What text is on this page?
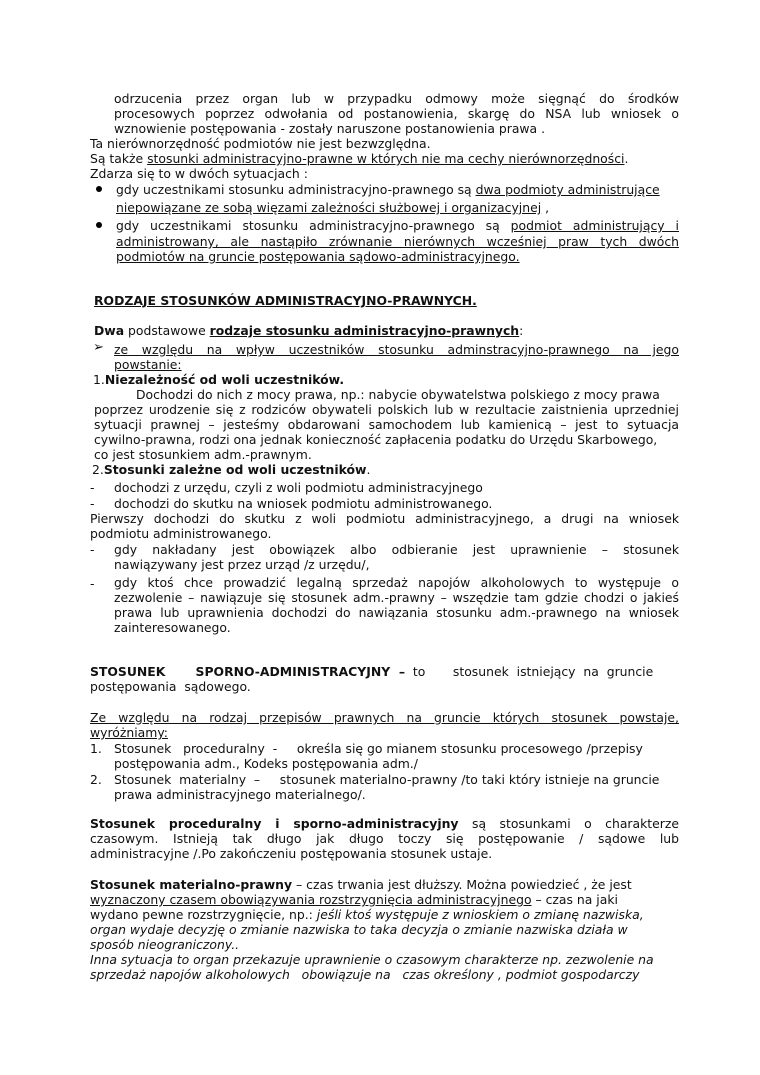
odrzucenia przez organ lub w przypadku odmowy może sięgnąć do środków
procesowych poprzez odwołania od postanowienia, skargę do NSA lub wniosek o
wznowienie postępowania - zostały naruszone postanowienia prawa .
Ta nierównorzędność podmiotów nie jest bezwzględna.
Są także stosunki administracyjno-prawne w których nie ma cechy nierównorzędności.
Zdarza się to w dwóch sytuacjach :
gdy uczestnikami stosunku administracyjno-prawnego są dwa podmioty administrujące
niepowiązane ze sobą więzami zależności służbowej i organizacyjnej ,
gdy uczestnikami stosunku administracyjno-prawnego są podmiot administrujący i
administrowany, ale nastąpiło zrównanie nierównych wcześniej praw tych dwóch
podmiotów na gruncie postępowania sądowo-administracyjnego.
RODZAJE STOSUNKÓW ADMINISTRACYJNO-PRAWNYCH.
Dwa podstawowe rodzaje stosunku administracyjno-prawnych:
➢ ze względu na wpływ uczestników stosunku adminstracyjno-prawnego na jego
powstanie:
1.Niezależność od woli uczestników.
Dochodzi do nich z mocy prawa, np.: nabycie obywatelstwa polskiego z mocy prawa
poprzez urodzenie się z rodziców obywateli polskich lub w rezultacie zaistnienia uprzedniej
sytuacji prawnej – jesteśmy obdarowani samochodem lub kamienicą – jest to sytuacja
cywilno-prawna, rodzi ona jednak konieczność zapłacenia podatku do Urzędu Skarbowego,
co jest stosunkiem adm.-prawnym.
2.Stosunki zależne od woli uczestników.
- dochodzi z urzędu, czyli z woli podmiotu administracyjnego
- dochodzi do skutku na wniosek podmiotu administrowanego.
Pierwszy dochodzi do skutku z woli podmiotu administracyjnego, a drugi na wniosek
podmiotu administrowanego.
- gdy nakładany jest obowiązek albo odbieranie jest uprawnienie – stosunek
nawiązywany jest przez urząd /z urzędu/,
- gdy ktoś chce prowadzić legalną sprzedaż napojów alkoholowych to występuje o
zezwolenie – nawiązuje się stosunek adm.-prawny – wszędzie tam gdzie chodzi o jakieś
prawa lub uprawnienia dochodzi do nawiązania stosunku adm.-prawnego na wniosek
zainteresowanego.
STOSUNEK       SPORNO-ADMINISTRACYJNY  –  to       stosunek  istniejący  na  gruncie
postępowania  sądowego.
Ze względu na rodzaj przepisów prawnych na gruncie których stosunek powstaje,
wyróżniamy:
1. Stosunek   proceduralny  -     określa się go mianem stosunku procesowego /przepisy
postępowania adm., Kodeks postępowania adm./
2. Stosunek  materialny  –     stosunek materialno-prawny /to taki który istnieje na gruncie
prawa administracyjnego materialnego/.
Stosunek proceduralny i sporno-administracyjny są stosunkami o charakterze
czasowym. Istnieją tak długo jak długo toczy się postępowanie / sądowe lub
administracyjne /.Po zakończeniu postępowania stosunek ustaje.
Stosunek materialno-prawny – czas trwania jest dłuższy. Można powiedzieć , że jest
wyznaczony czasem obowiązywania rozstrzygnięcia administracyjnego – czas na jaki
wydano pewne rozstrzygnięcie, np.: jeśli ktoś występuje z wnioskiem o zmianę nazwiska,
organ wydaje decyzję o zmianie nazwiska to taka decyzja o zmianie nazwiska działa w
sposób nieograniczony..
Inna sytuacja to organ przekazuje uprawnienie o czasowym charakterze np. zezwolenie na
sprzedaż napojów alkoholowych   obowiązuje na   czas określony , podmiot gospodarczy
